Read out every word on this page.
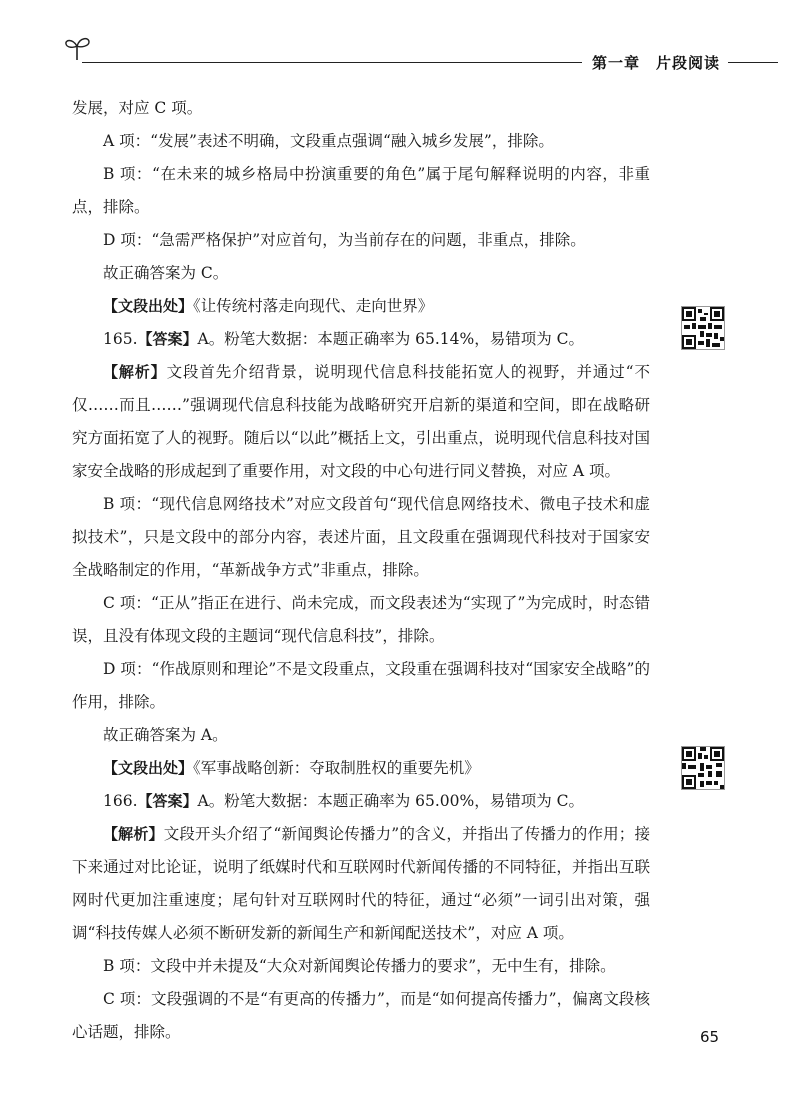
第一章　片段阅读

发展，对应 C 项。

A 项：“发展”表述不明确，文段重点强调“融入城乡发展”，排除。

B 项：“在未来的城乡格局中扮演重要的角色”属于尾句解释说明的内容，非重点，排除。

D 项：“急需严格保护”对应首句，为当前存在的问题，非重点，排除。

故正确答案为 C。

【文段出处】《让传统村落走向现代、走向世界》

165.【答案】A。粉笔大数据：本题正确率为 65.14%，易错项为 C。

【解析】文段首先介绍背景，说明现代信息科技能拓宽人的视野，并通过“不仅……而且……”强调现代信息科技能为战略研究开启新的渠道和空间，即在战略研究方面拓宽了人的视野。随后以“以此”概括上文，引出重点，说明现代信息科技对国家安全战略的形成起到了重要作用，对文段的中心句进行同义替换，对应 A 项。

B 项：“现代信息网络技术”对应文段首句“现代信息网络技术、微电子技术和虚拟技术”，只是文段中的部分内容，表述片面，且文段重在强调现代科技对于国家安全战略制定的作用，“革新战争方式”非重点，排除。

C 项：“正从”指正在进行、尚未完成，而文段表述为“实现了”为完成时，时态错误，且没有体现文段的主题词“现代信息科技”，排除。

D 项：“作战原则和理论”不是文段重点，文段重在强调科技对“国家安全战略”的作用，排除。

故正确答案为 A。

【文段出处】《军事战略创新：夺取制胜权的重要先机》

166.【答案】A。粉笔大数据：本题正确率为 65.00%，易错项为 C。

【解析】文段开头介绍了“新闻舆论传播力”的含义，并指出了传播力的作用；接下来通过对比论证，说明了纸媒时代和互联网时代新闻传播的不同特征，并指出互联网时代更加注重速度；尾句针对互联网时代的特征，通过“必须”一词引出对策，强调“科技传媒人必须不断研发新的新闻生产和新闻配送技术”，对应 A 项。

B 项：文段中并未提及“大众对新闻舆论传播力的要求”，无中生有，排除。

C 项：文段强调的不是“有更高的传播力”，而是“如何提高传播力”，偏离文段核心话题，排除。	65
